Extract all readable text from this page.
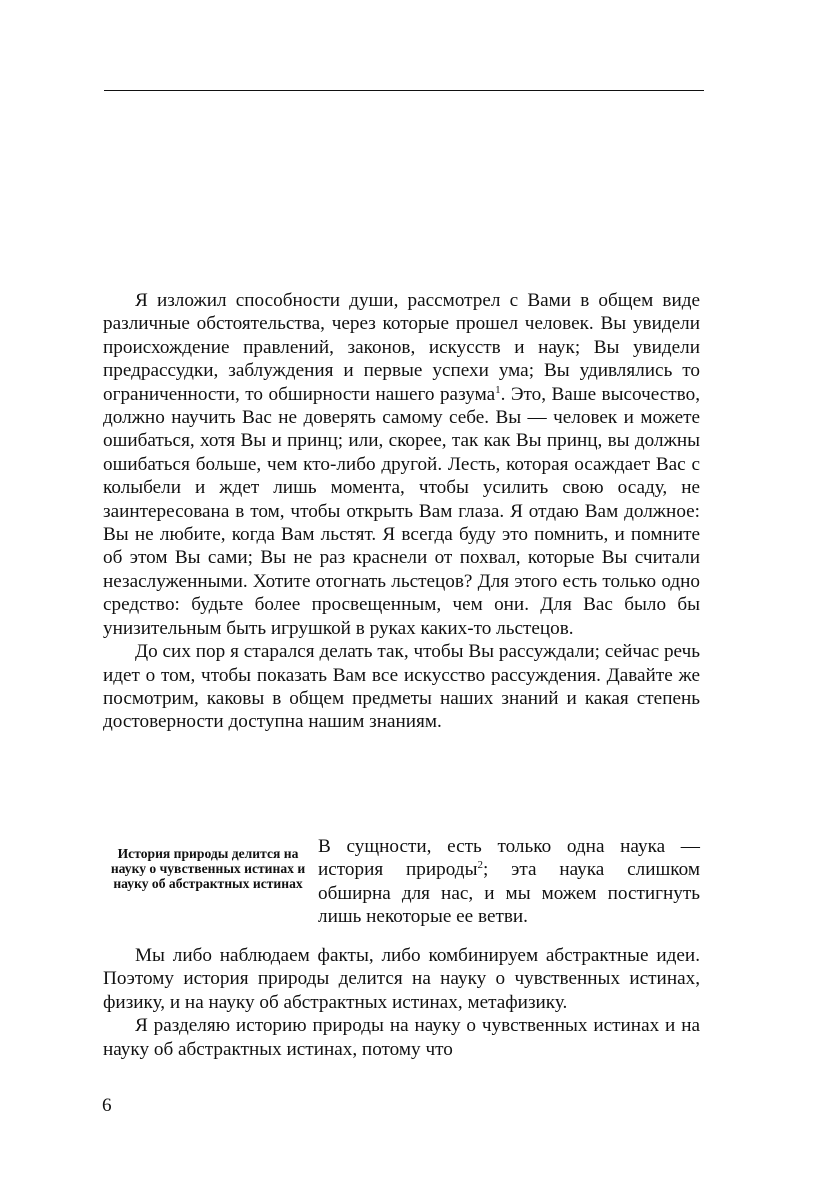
Я изложил способности души, рассмотрел с Вами в общем виде различные обстоятельства, через которые прошел человек. Вы увидели происхождение правлений, законов, искусств и наук; Вы увидели предрассудки, заблуждения и первые успехи ума; Вы удивлялись то ограниченности, то обширности нашего разума$^1$. Это, Ваше высочество, должно научить Вас не доверять самому себе. Вы — человек и можете ошибаться, хотя Вы и принц; или, скорее, так как Вы принц, вы должны ошибаться больше, чем кто-либо другой. Лесть, которая осаждает Вас с колыбели и ждет лишь момента, чтобы усилить свою осаду, не заинтересована в том, чтобы открыть Вам глаза. Я отдаю Вам должное: Вы не любите, когда Вам льстят. Я всегда буду это помнить, и помните об этом Вы сами; Вы не раз краснели от похвал, которые Вы считали незаслуженными. Хотите отогнать льстецов? Для этого есть только одно средство: будьте более просвещенным, чем они. Для Вас было бы унизительным быть игрушкой в руках каких-то льстецов.

До сих пор я старался делать так, чтобы Вы рассуждали; сейчас речь идет о том, чтобы показать Вам все искусство рассуждения. Давайте же посмотрим, каковы в общем предметы наших знаний и какая степень достоверности доступна нашим знаниям.

История природы делится на науку о чувственных истинах и науку об абстрактных истинах

В сущности, есть только одна наука — история природы$^2$; эта наука слишком обширна для нас, и мы можем постигнуть лишь некоторые ее ветви.

Мы либо наблюдаем факты, либо комбинируем абстрактные идеи. Поэтому история природы делится на науку о чувственных истинах, физику, и на науку об абстрактных истинах, метафизику.

Я разделяю историю природы на науку о чувственных истинах и на науку об абстрактных истинах, потому что

6
